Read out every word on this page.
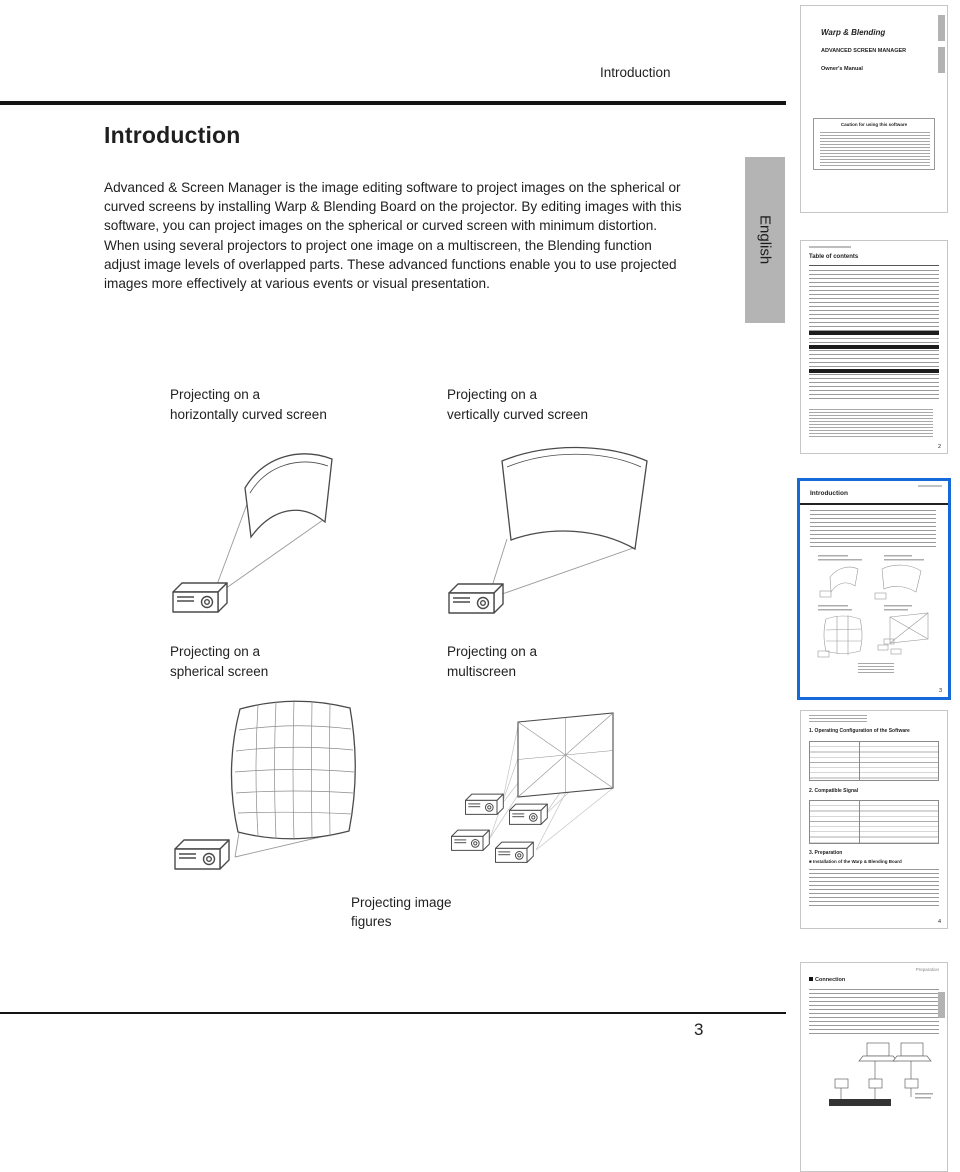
Introduction
Introduction

Advanced & Screen Manager is the image editing software to project images on the spherical or curved screens by installing Warp & Blending Board on the projector. By editing images with this software, you can project images on the spherical or curved screen with minimum distortion. When using several projectors to project one image on a multiscreen, the Blending function adjust image levels of overlapped parts. These advanced functions enable you to use projected images more effectively at various events or visual presentation.

Projecting on a
horizontally curved screen
Projecting on a
vertically curved screen
Projecting on a
spherical screen
Projecting on a
multiscreen
Projecting image
figures
3
English
Warp & Blending
ADVANCED SCREEN MANAGER
Owner's Manual
Caution for using this software
Table of contents
2
Introduction
3
1. Operating Configuration of the Software
2. Compatible Signal
3. Preparation
■ Installation of the Warp & Blending Board
4
Preparation
Connection
